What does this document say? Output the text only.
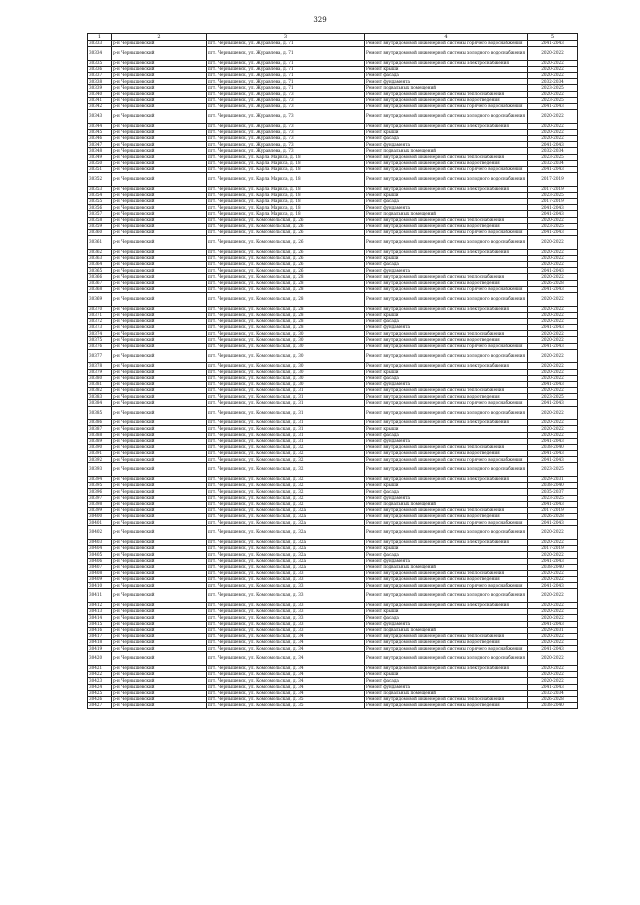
329
1	2	3	4	5
30333	р-н Чернышевский	пгт. Чернышевск, ул. Журавлева, д. 71	Ремонт внутридомовой инженерной системы горячего водоснабжения	2041-2043
30334	р-н Чернышевский	пгт. Чернышевск, ул. Журавлева, д. 71	Ремонт внутридомовой инженерной системы холодного водоснабжения	2020-2022
30335	р-н Чернышевский	пгт. Чернышевск, ул. Журавлева, д. 71	Ремонт внутридомовой инженерной системы электроснабжения	2020-2022
30336	р-н Чернышевский	пгт. Чернышевск, ул. Журавлева, д. 71	Ремонт крыши	2020-2022
30337	р-н Чернышевский	пгт. Чернышевск, ул. Журавлева, д. 71	Ремонт фасада	2020-2022
30338	р-н Чернышевский	пгт. Чернышевск, ул. Журавлева, д. 71	Ремонт фундамента	2032-2034
30339	р-н Чернышевский	пгт. Чернышевск, ул. Журавлева, д. 71	Ремонт подвальных помещений	2023-2025
30340	р-н Чернышевский	пгт. Чернышевск, ул. Журавлева, д. 73	Ремонт внутридомовой инженерной системы теплоснабжения	2020-2022
30341	р-н Чернышевский	пгт. Чернышевск, ул. Журавлева, д. 73	Ремонт внутридомовой инженерной системы водоотведения	2023-2025
30342	р-н Чернышевский	пгт. Чернышевск, ул. Журавлева, д. 73	Ремонт внутридомовой инженерной системы горячего водоснабжения	2041-2043
30343	р-н Чернышевский	пгт. Чернышевск, ул. Журавлева, д. 73	Ремонт внутридомовой инженерной системы холодного водоснабжения	2020-2022
30344	р-н Чернышевский	пгт. Чернышевск, ул. Журавлева, д. 73	Ремонт внутридомовой инженерной системы электроснабжения	2020-2022
30345	р-н Чернышевский	пгт. Чернышевск, ул. Журавлева, д. 73	Ремонт крыши	2020-2022
30346	р-н Чернышевский	пгт. Чернышевск, ул. Журавлева, д. 73	Ремонт фасада	2020-2022
30347	р-н Чернышевский	пгт. Чернышевск, ул. Журавлева, д. 73	Ремонт фундамента	2041-2043
30348	р-н Чернышевский	пгт. Чернышевск, ул. Журавлева, д. 73	Ремонт подвальных помещений	2032-2034
30349	р-н Чернышевский	пгт. Чернышевск, ул. Карла Маркса, д. 18	Ремонт внутридомовой инженерной системы теплоснабжения	2023-2025
30350	р-н Чернышевский	пгт. Чернышевск, ул. Карла Маркса, д. 18	Ремонт внутридомовой инженерной системы водоотведения	2032-2034
30351	р-н Чернышевский	пгт. Чернышевск, ул. Карла Маркса, д. 18	Ремонт внутридомовой инженерной системы горячего водоснабжения	2041-2043
30352	р-н Чернышевский	пгт. Чернышевск, ул. Карла Маркса, д. 18	Ремонт внутридомовой инженерной системы холодного водоснабжения	2017-2019
30353	р-н Чернышевский	пгт. Чернышевск, ул. Карла Маркса, д. 18	Ремонт внутридомовой инженерной системы электроснабжения	2017-2019
30354	р-н Чернышевский	пгт. Чернышевск, ул. Карла Маркса, д. 18	Ремонт крыши	2023-2025
30355	р-н Чернышевский	пгт. Чернышевск, ул. Карла Маркса, д. 18	Ремонт фасада	2017-2019
30356	р-н Чернышевский	пгт. Чернышевск, ул. Карла Маркса, д. 18	Ремонт фундамента	2041-2043
30357	р-н Чернышевский	пгт. Чернышевск, ул. Карла Маркса, д. 18	Ремонт подвальных помещений	2041-2043
30358	р-н Чернышевский	пгт. Чернышевск, ул. Комсомольская, д. 26	Ремонт внутридомовой инженерной системы теплоснабжения	2020-2022
30359	р-н Чернышевский	пгт. Чернышевск, ул. Комсомольская, д. 26	Ремонт внутридомовой инженерной системы водоотведения	2023-2025
30360	р-н Чернышевский	пгт. Чернышевск, ул. Комсомольская, д. 26	Ремонт внутридомовой инженерной системы горячего водоснабжения	2041-2043
30361	р-н Чернышевский	пгт. Чернышевск, ул. Комсомольская, д. 26	Ремонт внутридомовой инженерной системы холодного водоснабжения	2020-2022
30362	р-н Чернышевский	пгт. Чернышевск, ул. Комсомольская, д. 26	Ремонт внутридомовой инженерной системы электроснабжения	2020-2022
30363	р-н Чернышевский	пгт. Чернышевск, ул. Комсомольская, д. 26	Ремонт крыши	2020-2022
30364	р-н Чернышевский	пгт. Чернышевск, ул. Комсомольская, д. 26	Ремонт фасада	2020-2022
30365	р-н Чернышевский	пгт. Чернышевск, ул. Комсомольская, д. 26	Ремонт фундамента	2041-2043
30366	р-н Чернышевский	пгт. Чернышевск, ул. Комсомольская, д. 28	Ремонт внутридомовой инженерной системы теплоснабжения	2020-2022
30367	р-н Чернышевский	пгт. Чернышевск, ул. Комсомольская, д. 28	Ремонт внутридомовой инженерной системы водоотведения	2026-2028
30368	р-н Чернышевский	пгт. Чернышевск, ул. Комсомольская, д. 28	Ремонт внутридомовой инженерной системы горячего водоснабжения	2041-2043
30369	р-н Чернышевский	пгт. Чернышевск, ул. Комсомольская, д. 28	Ремонт внутридомовой инженерной системы холодного водоснабжения	2020-2022
30370	р-н Чернышевский	пгт. Чернышевск, ул. Комсомольская, д. 28	Ремонт внутридомовой инженерной системы электроснабжения	2020-2022
30371	р-н Чернышевский	пгт. Чернышевск, ул. Комсомольская, д. 28	Ремонт крыши	2020-2022
30372	р-н Чернышевский	пгт. Чернышевск, ул. Комсомольская, д. 28	Ремонт фасада	2020-2022
30373	р-н Чернышевский	пгт. Чернышевск, ул. Комсомольская, д. 28	Ремонт фундамента	2041-2043
30374	р-н Чернышевский	пгт. Чернышевск, ул. Комсомольская, д. 30	Ремонт внутридомовой инженерной системы теплоснабжения	2020-2022
30375	р-н Чернышевский	пгт. Чернышевск, ул. Комсомольская, д. 30	Ремонт внутридомовой инженерной системы водоотведения	2020-2022
30376	р-н Чернышевский	пгт. Чернышевск, ул. Комсомольская, д. 30	Ремонт внутридомовой инженерной системы горячего водоснабжения	2041-2043
30377	р-н Чернышевский	пгт. Чернышевск, ул. Комсомольская, д. 30	Ремонт внутридомовой инженерной системы холодного водоснабжения	2020-2022
30378	р-н Чернышевский	пгт. Чернышевск, ул. Комсомольская, д. 30	Ремонт внутридомовой инженерной системы электроснабжения	2020-2022
30379	р-н Чернышевский	пгт. Чернышевск, ул. Комсомольская, д. 30	Ремонт крыши	2020-2022
30380	р-н Чернышевский	пгт. Чернышевск, ул. Комсомольская, д. 30	Ремонт фасада	2020-2022
30381	р-н Чернышевский	пгт. Чернышевск, ул. Комсомольская, д. 30	Ремонт фундамента	2041-2043
30382	р-н Чернышевский	пгт. Чернышевск, ул. Комсомольская, д. 31	Ремонт внутридомовой инженерной системы теплоснабжения	2020-2022
30383	р-н Чернышевский	пгт. Чернышевск, ул. Комсомольская, д. 31	Ремонт внутридомовой инженерной системы водоотведения	2023-2025
30384	р-н Чернышевский	пгт. Чернышевск, ул. Комсомольская, д. 31	Ремонт внутридомовой инженерной системы горячего водоснабжения	2041-2043
30385	р-н Чернышевский	пгт. Чернышевск, ул. Комсомольская, д. 31	Ремонт внутридомовой инженерной системы холодного водоснабжения	2020-2022
30386	р-н Чернышевский	пгт. Чернышевск, ул. Комсомольская, д. 31	Ремонт внутридомовой инженерной системы электроснабжения	2020-2022
30387	р-н Чернышевский	пгт. Чернышевск, ул. Комсомольская, д. 31	Ремонт крыши	2020-2022
30388	р-н Чернышевский	пгт. Чернышевск, ул. Комсомольская, д. 31	Ремонт фасада	2020-2022
30389	р-н Чернышевский	пгт. Чернышевск, ул. Комсомольская, д. 31	Ремонт фундамента	2041-2043
30390	р-н Чернышевский	пгт. Чернышевск, ул. Комсомольская, д. 32	Ремонт внутридомовой инженерной системы теплоснабжения	2038-2040
30391	р-н Чернышевский	пгт. Чернышевск, ул. Комсомольская, д. 32	Ремонт внутридомовой инженерной системы водоотведения	2041-2043
30392	р-н Чернышевский	пгт. Чернышевск, ул. Комсомольская, д. 32	Ремонт внутридомовой инженерной системы горячего водоснабжения	2041-2043
30393	р-н Чернышевский	пгт. Чернышевск, ул. Комсомольская, д. 32	Ремонт внутридомовой инженерной системы холодного водоснабжения	2023-2025
30394	р-н Чернышевский	пгт. Чернышевск, ул. Комсомольская, д. 32	Ремонт внутридомовой инженерной системы электроснабжения	2029-2031
30395	р-н Чернышевский	пгт. Чернышевск, ул. Комсомольская, д. 32	Ремонт крыши	2038-2040
30396	р-н Чернышевский	пгт. Чернышевск, ул. Комсомольская, д. 32	Ремонт фасада	2035-2037
30397	р-н Чернышевский	пгт. Чернышевск, ул. Комсомольская, д. 32	Ремонт фундамента	2023-2025
30398	р-н Чернышевский	пгт. Чернышевск, ул. Комсомольская, д. 32	Ремонт подвальных помещений	2041-2043
30399	р-н Чернышевский	пгт. Чернышевск, ул. Комсомольская, д. 32а	Ремонт внутридомовой инженерной системы теплоснабжения	2017-2019
30400	р-н Чернышевский	пгт. Чернышевск, ул. Комсомольская, д. 32а	Ремонт внутридомовой инженерной системы водоотведения	2026-2028
30401	р-н Чернышевский	пгт. Чернышевск, ул. Комсомольская, д. 32а	Ремонт внутридомовой инженерной системы горячего водоснабжения	2041-2043
30402	р-н Чернышевский	пгт. Чернышевск, ул. Комсомольская, д. 32а	Ремонт внутридомовой инженерной системы холодного водоснабжения	2020-2022
30403	р-н Чернышевский	пгт. Чернышевск, ул. Комсомольская, д. 32а	Ремонт внутридомовой инженерной системы электроснабжения	2020-2022
30404	р-н Чернышевский	пгт. Чернышевск, ул. Комсомольская, д. 32а	Ремонт крыши	2017-2019
30405	р-н Чернышевский	пгт. Чернышевск, ул. Комсомольская, д. 32а	Ремонт фасада	2020-2022
30406	р-н Чернышевский	пгт. Чернышевск, ул. Комсомольская, д. 32а	Ремонт фундамента	2041-2043
30407	р-н Чернышевский	пгт. Чернышевск, ул. Комсомольская, д. 32а	Ремонт подвальных помещений	2038-2040
30408	р-н Чернышевский	пгт. Чернышевск, ул. Комсомольская, д. 33	Ремонт внутридомовой инженерной системы теплоснабжения	2020-2022
30409	р-н Чернышевский	пгт. Чернышевск, ул. Комсомольская, д. 33	Ремонт внутридомовой инженерной системы водоотведения	2020-2022
30410	р-н Чернышевский	пгт. Чернышевск, ул. Комсомольская, д. 33	Ремонт внутридомовой инженерной системы горячего водоснабжения	2041-2043
30411	р-н Чернышевский	пгт. Чернышевск, ул. Комсомольская, д. 33	Ремонт внутридомовой инженерной системы холодного водоснабжения	2020-2022
30412	р-н Чернышевский	пгт. Чернышевск, ул. Комсомольская, д. 33	Ремонт внутридомовой инженерной системы электроснабжения	2020-2022
30413	р-н Чернышевский	пгт. Чернышевск, ул. Комсомольская, д. 33	Ремонт крыши	2020-2022
30414	р-н Чернышевский	пгт. Чернышевск, ул. Комсомольская, д. 33	Ремонт фасада	2020-2022
30415	р-н Чернышевский	пгт. Чернышевск, ул. Комсомольская, д. 33	Ремонт фундамента	2041-2043
30416	р-н Чернышевский	пгт. Чернышевск, ул. Комсомольская, д. 33	Ремонт подвальных помещений	2029-2031
30417	р-н Чернышевский	пгт. Чернышевск, ул. Комсомольская, д. 34	Ремонт внутридомовой инженерной системы теплоснабжения	2020-2022
30418	р-н Чернышевский	пгт. Чернышевск, ул. Комсомольская, д. 34	Ремонт внутридомовой инженерной системы водоотведения	2020-2022
30419	р-н Чернышевский	пгт. Чернышевск, ул. Комсомольская, д. 34	Ремонт внутридомовой инженерной системы горячего водоснабжения	2041-2043
30420	р-н Чернышевский	пгт. Чернышевск, ул. Комсомольская, д. 34	Ремонт внутридомовой инженерной системы холодного водоснабжения	2020-2022
30421	р-н Чернышевский	пгт. Чернышевск, ул. Комсомольская, д. 34	Ремонт внутридомовой инженерной системы электроснабжения	2020-2022
30422	р-н Чернышевский	пгт. Чернышевск, ул. Комсомольская, д. 34	Ремонт крыши	2020-2022
30423	р-н Чернышевский	пгт. Чернышевск, ул. Комсомольская, д. 34	Ремонт фасада	2020-2022
30424	р-н Чернышевский	пгт. Чернышевск, ул. Комсомольская, д. 34	Ремонт фундамента	2041-2043
30425	р-н Чернышевский	пгт. Чернышевск, ул. Комсомольская, д. 34	Ремонт подвальных помещений	2032-2034
30426	р-н Чернышевский	пгт. Чернышевск, ул. Комсомольская, д. 35	Ремонт внутридомовой инженерной системы теплоснабжения	2026-2028
30427	р-н Чернышевский	пгт. Чернышевск, ул. Комсомольская, д. 35	Ремонт внутридомовой инженерной системы водоотведения	2038-2040
